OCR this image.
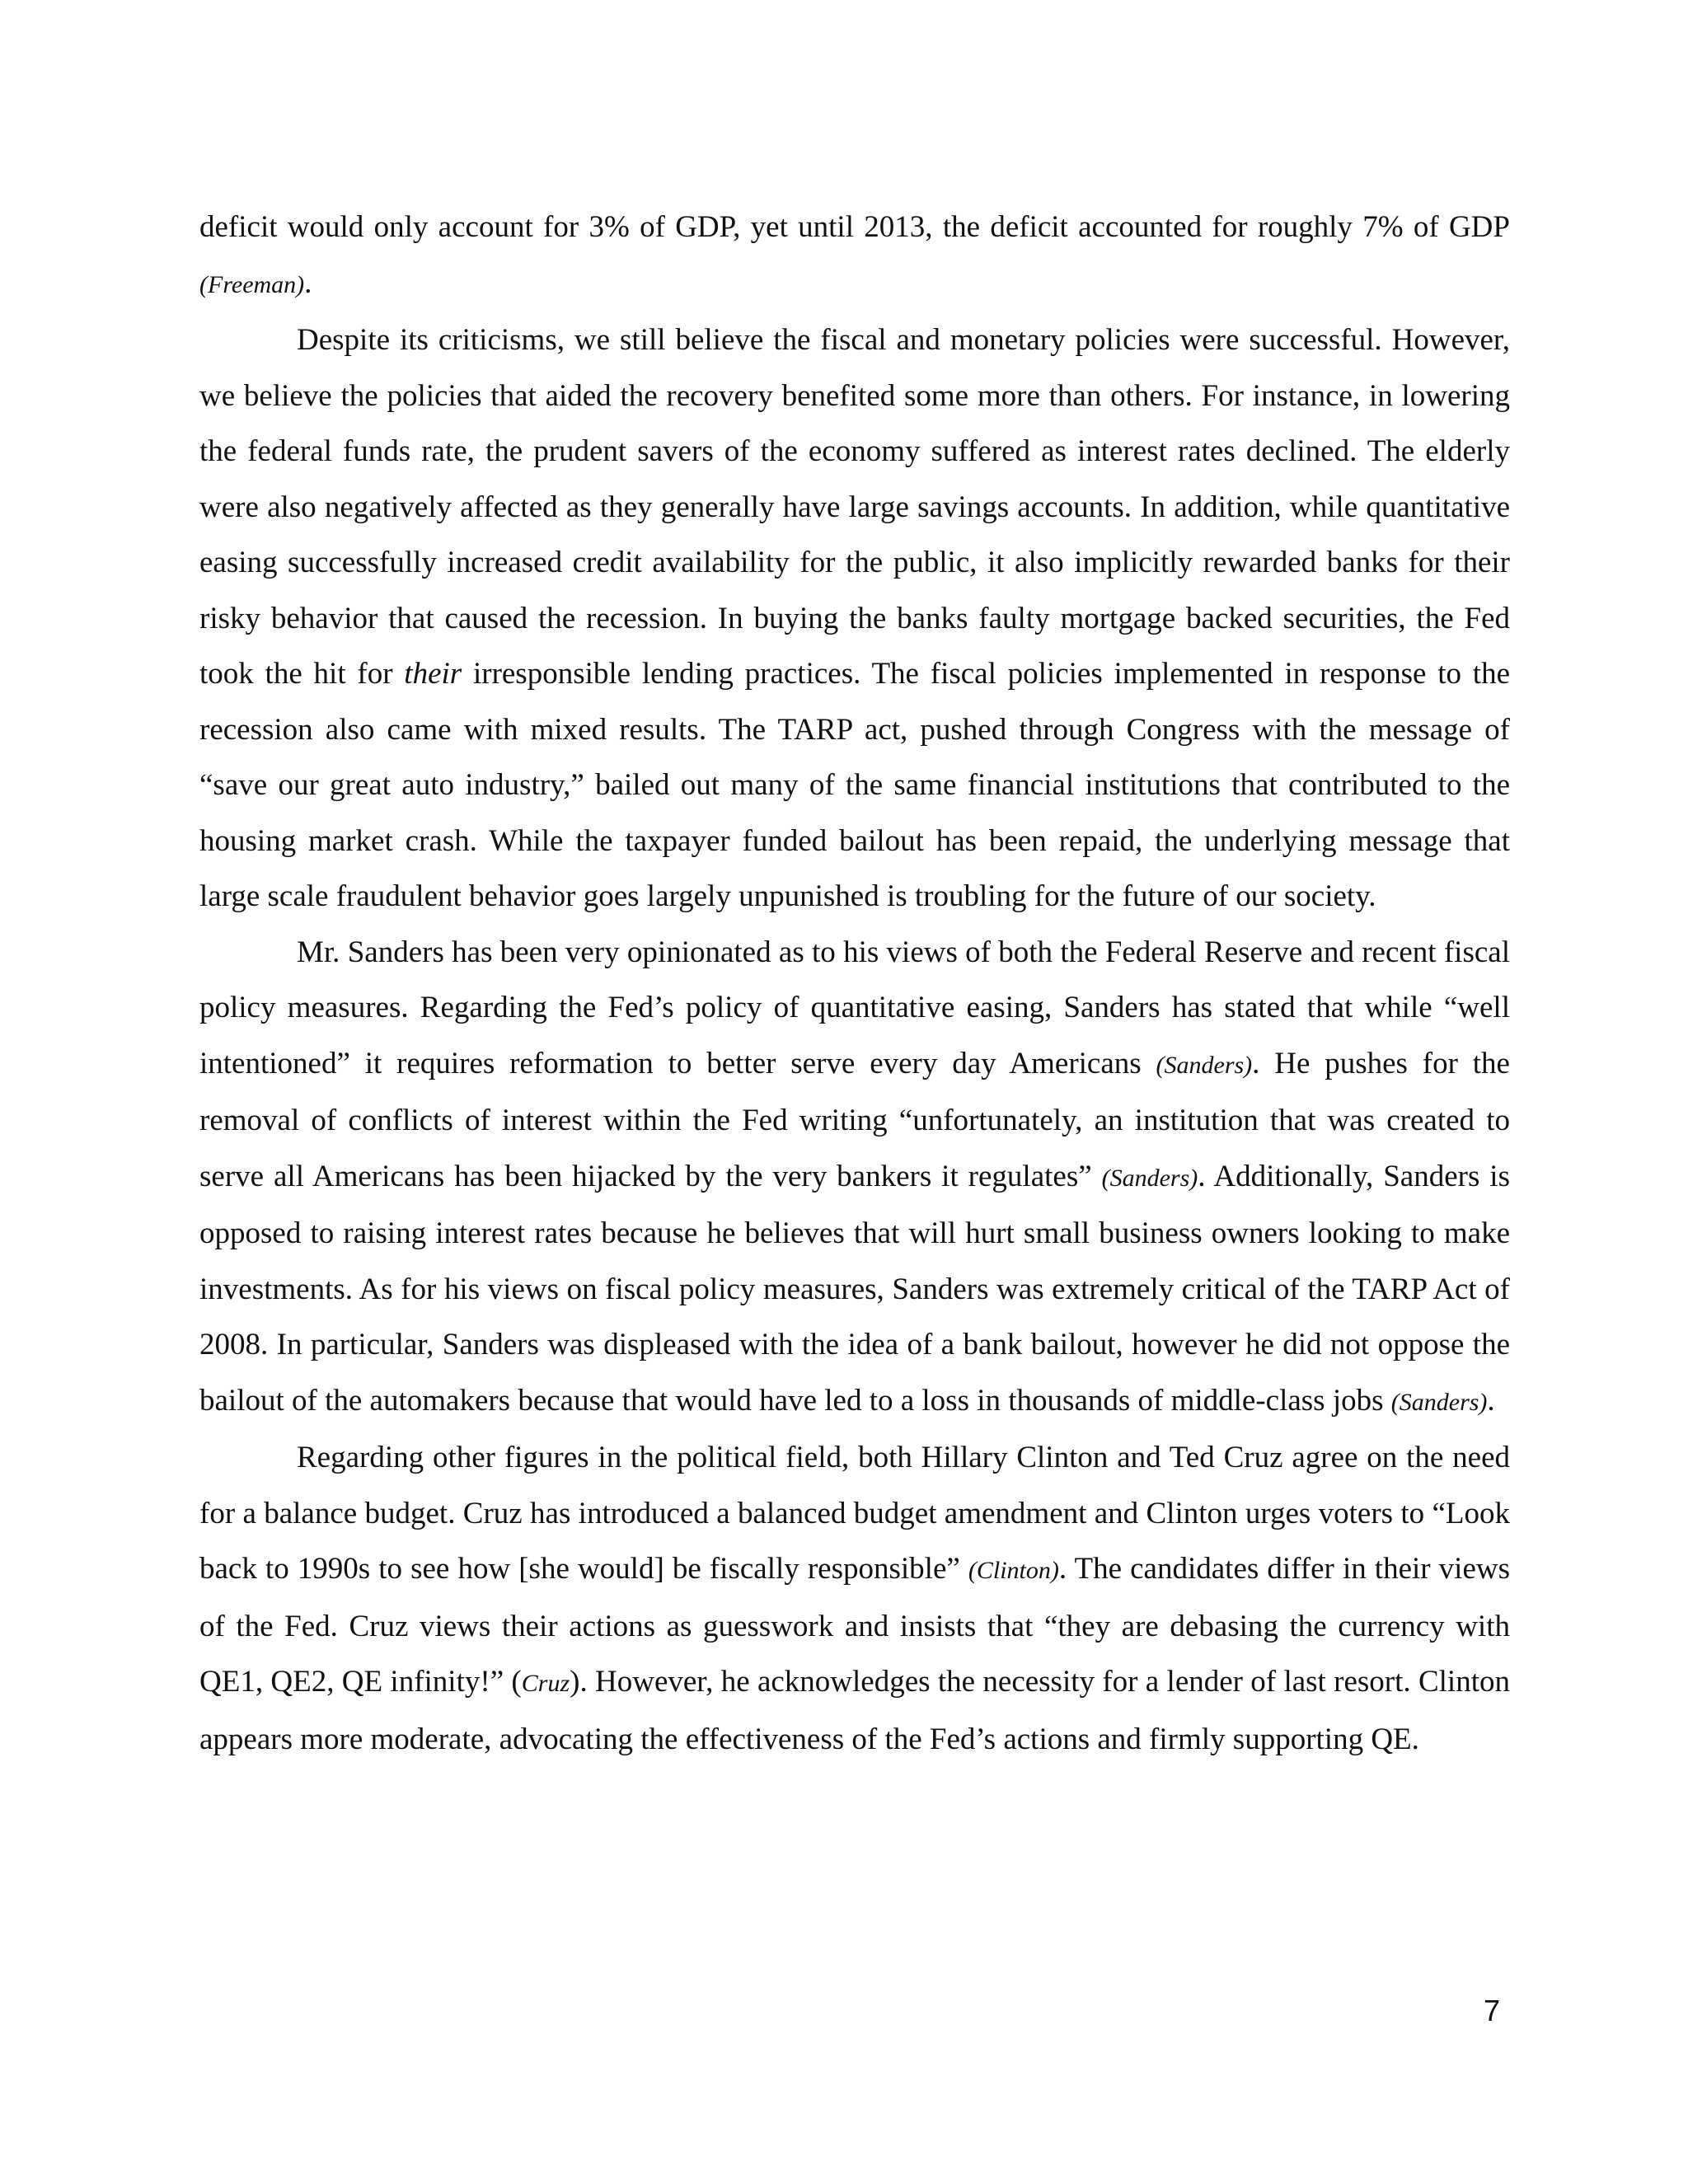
deficit would only account for 3% of GDP, yet until 2013, the deficit accounted for roughly 7% of GDP (Freeman).

Despite its criticisms, we still believe the fiscal and monetary policies were successful. However, we believe the policies that aided the recovery benefited some more than others. For instance, in lowering the federal funds rate, the prudent savers of the economy suffered as interest rates declined. The elderly were also negatively affected as they generally have large savings accounts. In addition, while quantitative easing successfully increased credit availability for the public, it also implicitly rewarded banks for their risky behavior that caused the recession. In buying the banks faulty mortgage backed securities, the Fed took the hit for their irresponsible lending practices. The fiscal policies implemented in response to the recession also came with mixed results. The TARP act, pushed through Congress with the message of “save our great auto industry,” bailed out many of the same financial institutions that contributed to the housing market crash. While the taxpayer funded bailout has been repaid, the underlying message that large scale fraudulent behavior goes largely unpunished is troubling for the future of our society.

Mr. Sanders has been very opinionated as to his views of both the Federal Reserve and recent fiscal policy measures. Regarding the Fed’s policy of quantitative easing, Sanders has stated that while “well intentioned” it requires reformation to better serve every day Americans (Sanders). He pushes for the removal of conflicts of interest within the Fed writing “unfortunately, an institution that was created to serve all Americans has been hijacked by the very bankers it regulates” (Sanders). Additionally, Sanders is opposed to raising interest rates because he believes that will hurt small business owners looking to make investments. As for his views on fiscal policy measures, Sanders was extremely critical of the TARP Act of 2008. In particular, Sanders was displeased with the idea of a bank bailout, however he did not oppose the bailout of the automakers because that would have led to a loss in thousands of middle-class jobs (Sanders).

Regarding other figures in the political field, both Hillary Clinton and Ted Cruz agree on the need for a balance budget. Cruz has introduced a balanced budget amendment and Clinton urges voters to “Look back to 1990s to see how [she would] be fiscally responsible” (Clinton). The candidates differ in their views of the Fed. Cruz views their actions as guesswork and insists that “they are debasing the currency with QE1, QE2, QE infinity!” (Cruz). However, he acknowledges the necessity for a lender of last resort. Clinton appears more moderate, advocating the effectiveness of the Fed’s actions and firmly supporting QE.

7
